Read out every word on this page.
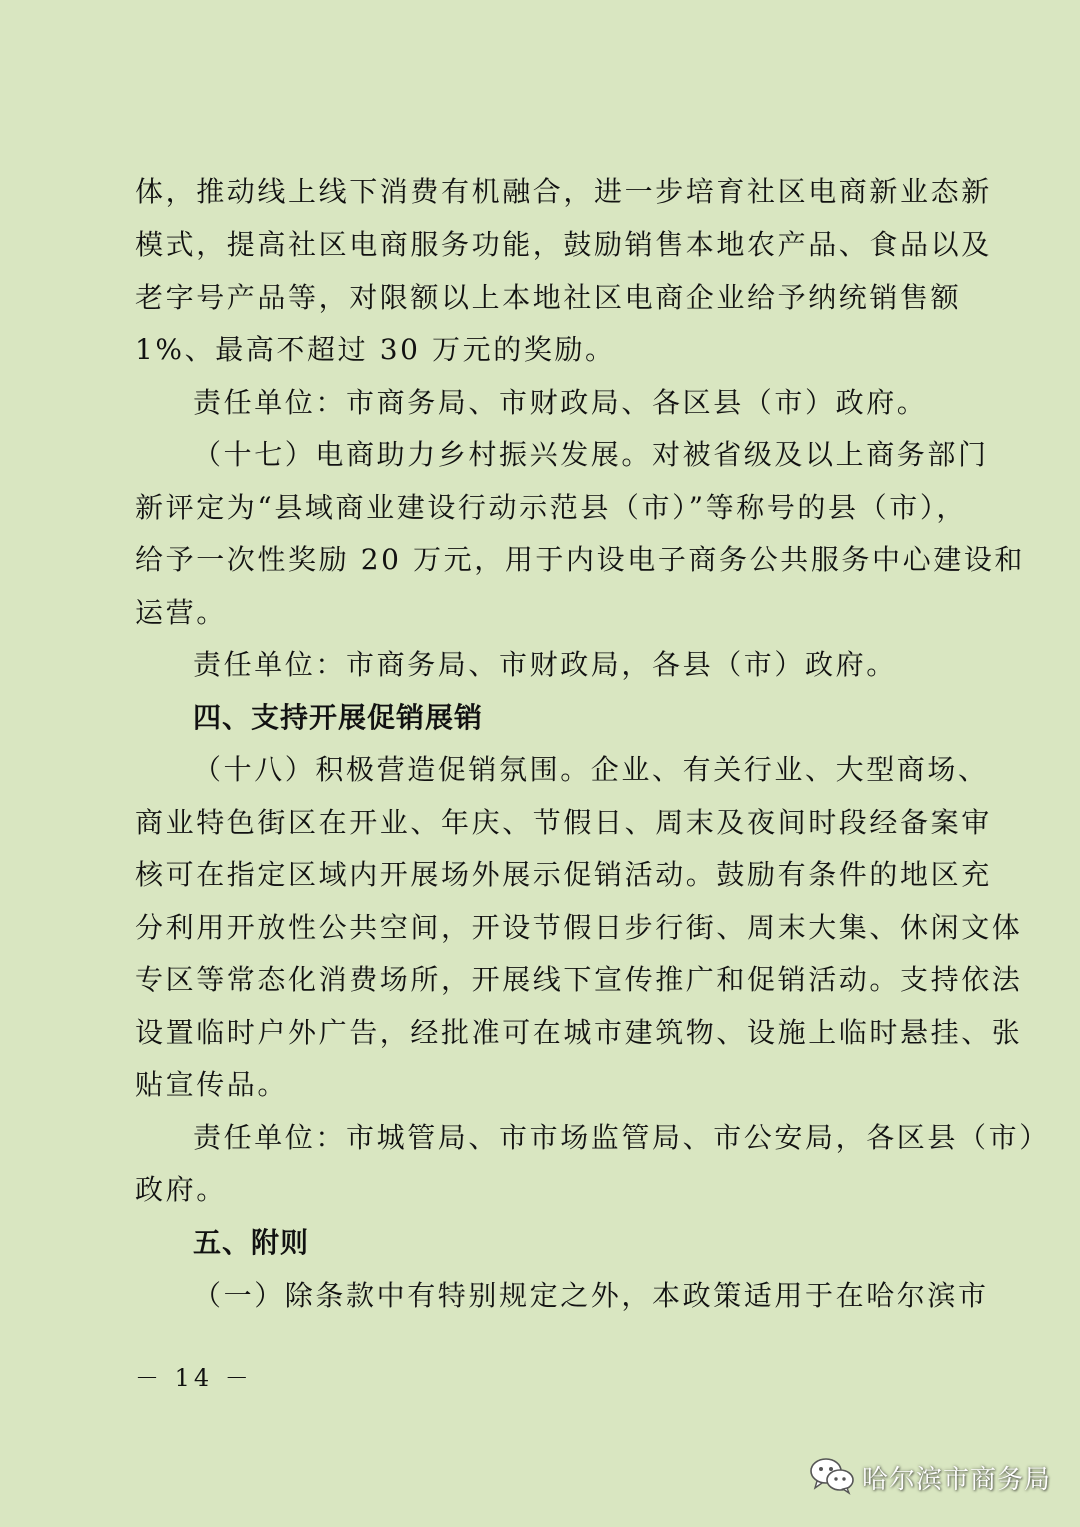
体，推动线上线下消费有机融合，进一步培育社区电商新业态新
模式，提高社区电商服务功能，鼓励销售本地农产品、食品以及
老字号产品等，对限额以上本地社区电商企业给予纳统销售额
1%、最高不超过 30 万元的奖励。
责任单位：市商务局、市财政局、各区县（市）政府。
（十七）电商助力乡村振兴发展。对被省级及以上商务部门
新评定为“县域商业建设行动示范县（市）”等称号的县（市），
给予一次性奖励 20 万元，用于内设电子商务公共服务中心建设和
运营。
责任单位：市商务局、市财政局，各县（市）政府。
四、支持开展促销展销
（十八）积极营造促销氛围。企业、有关行业、大型商场、
商业特色街区在开业、年庆、节假日、周末及夜间时段经备案审
核可在指定区域内开展场外展示促销活动。鼓励有条件的地区充
分利用开放性公共空间，开设节假日步行街、周末大集、休闲文体
专区等常态化消费场所，开展线下宣传推广和促销活动。支持依法
设置临时户外广告，经批准可在城市建筑物、设施上临时悬挂、张
贴宣传品。
责任单位：市城管局、市市场监管局、市公安局，各区县（市）
政府。
五、附则
（一）除条款中有特别规定之外，本政策适用于在哈尔滨市
－ 14 －
哈尔滨市商务局
